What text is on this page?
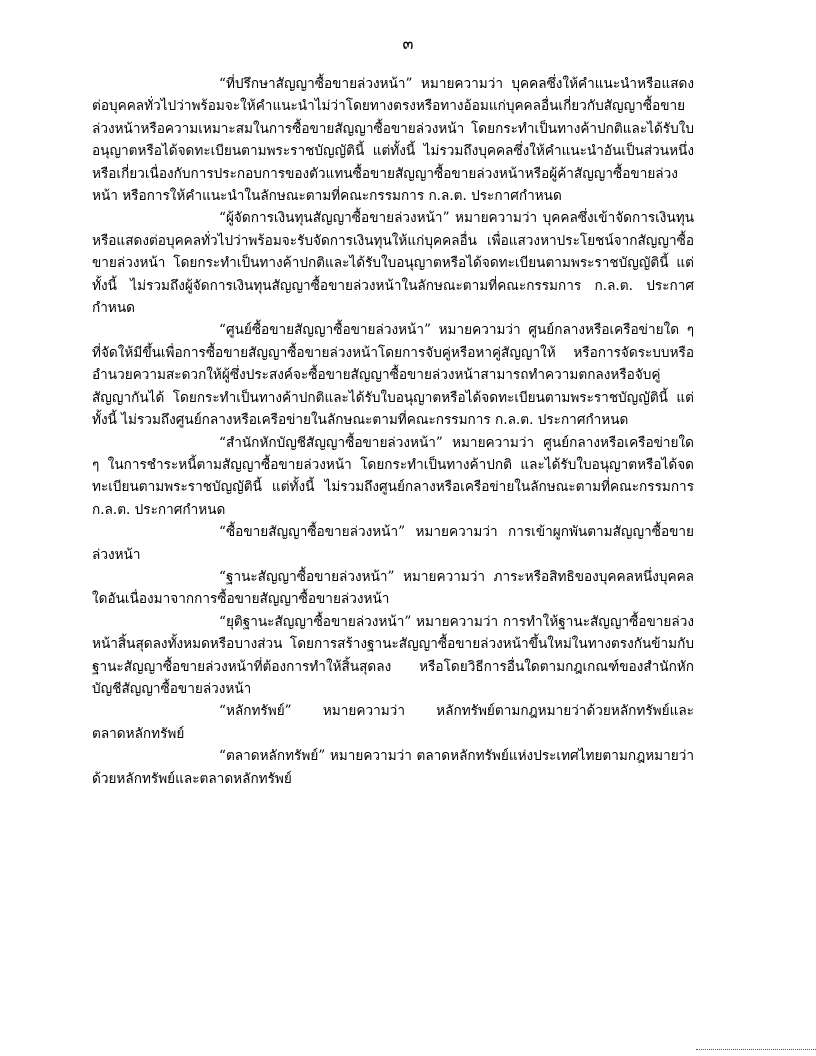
๓

“ที่ปรึกษาสัญญาซื้อขายล่วงหน้า” หมายความว่า บุคคลซึ่งให้คำแนะนำหรือแสดงต่อบุคคลทั่วไปว่าพร้อมจะให้คำแนะนำไม่ว่าโดยทางตรงหรือทางอ้อมแก่บุคคลอื่นเกี่ยวกับสัญญาซื้อขายล่วงหน้าหรือความเหมาะสมในการซื้อขายสัญญาซื้อขายล่วงหน้า โดยกระทำเป็นทางค้าปกติและได้รับใบอนุญาตหรือได้จดทะเบียนตามพระราชบัญญัตินี้ แต่ทั้งนี้ ไม่รวมถึงบุคคลซึ่งให้คำแนะนำอันเป็นส่วนหนึ่งหรือเกี่ยวเนื่องกับการประกอบการของตัวแทนซื้อขายสัญญาซื้อขายล่วงหน้าหรือผู้ค้าสัญญาซื้อขายล่วงหน้า หรือการให้คำแนะนำในลักษณะตามที่คณะกรรมการ ก.ล.ต. ประกาศกำหนด

“ผู้จัดการเงินทุนสัญญาซื้อขายล่วงหน้า” หมายความว่า บุคคลซึ่งเข้าจัดการเงินทุนหรือแสดงต่อบุคคลทั่วไปว่าพร้อมจะรับจัดการเงินทุนให้แก่บุคคลอื่น เพื่อแสวงหาประโยชน์จากสัญญาซื้อขายล่วงหน้า โดยกระทำเป็นทางค้าปกติและได้รับใบอนุญาตหรือได้จดทะเบียนตามพระราชบัญญัตินี้ แต่ทั้งนี้ ไม่รวมถึงผู้จัดการเงินทุนสัญญาซื้อขายล่วงหน้าในลักษณะตามที่คณะกรรมการ ก.ล.ต. ประกาศกำหนด

“ศูนย์ซื้อขายสัญญาซื้อขายล่วงหน้า” หมายความว่า ศูนย์กลางหรือเครือข่ายใด ๆ ที่จัดให้มีขึ้นเพื่อการซื้อขายสัญญาซื้อขายล่วงหน้าโดยการจับคู่หรือหาคู่สัญญาให้ หรือการจัดระบบหรืออำนวยความสะดวกให้ผู้ซึ่งประสงค์จะซื้อขายสัญญาซื้อขายล่วงหน้าสามารถทำความตกลงหรือจับคู่สัญญากันได้ โดยกระทำเป็นทางค้าปกติและได้รับใบอนุญาตหรือได้จดทะเบียนตามพระราชบัญญัตินี้ แต่ทั้งนี้ ไม่รวมถึงศูนย์กลางหรือเครือข่ายในลักษณะตามที่คณะกรรมการ ก.ล.ต. ประกาศกำหนด

“สำนักหักบัญชีสัญญาซื้อขายล่วงหน้า” หมายความว่า ศูนย์กลางหรือเครือข่ายใด ๆ ในการชำระหนี้ตามสัญญาซื้อขายล่วงหน้า โดยกระทำเป็นทางค้าปกติ และได้รับใบอนุญาตหรือได้จดทะเบียนตามพระราชบัญญัตินี้ แต่ทั้งนี้ ไม่รวมถึงศูนย์กลางหรือเครือข่ายในลักษณะตามที่คณะกรรมการ ก.ล.ต. ประกาศกำหนด

“ซื้อขายสัญญาซื้อขายล่วงหน้า” หมายความว่า การเข้าผูกพันตามสัญญาซื้อขายล่วงหน้า

“ฐานะสัญญาซื้อขายล่วงหน้า” หมายความว่า ภาระหรือสิทธิของบุคคลหนึ่งบุคคลใดอันเนื่องมาจากการซื้อขายสัญญาซื้อขายล่วงหน้า

“ยุติฐานะสัญญาซื้อขายล่วงหน้า” หมายความว่า การทำให้ฐานะสัญญาซื้อขายล่วงหน้าสิ้นสุดลงทั้งหมดหรือบางส่วน โดยการสร้างฐานะสัญญาซื้อขายล่วงหน้าขึ้นใหม่ในทางตรงกันข้ามกับฐานะสัญญาซื้อขายล่วงหน้าที่ต้องการทำให้สิ้นสุดลง หรือโดยวิธีการอื่นใดตามกฎเกณฑ์ของสำนักหักบัญชีสัญญาซื้อขายล่วงหน้า

“หลักทรัพย์” หมายความว่า หลักทรัพย์ตามกฎหมายว่าด้วยหลักทรัพย์และตลาดหลักทรัพย์

“ตลาดหลักทรัพย์” หมายความว่า ตลาดหลักทรัพย์แห่งประเทศไทยตามกฎหมายว่าด้วยหลักทรัพย์และตลาดหลักทรัพย์
